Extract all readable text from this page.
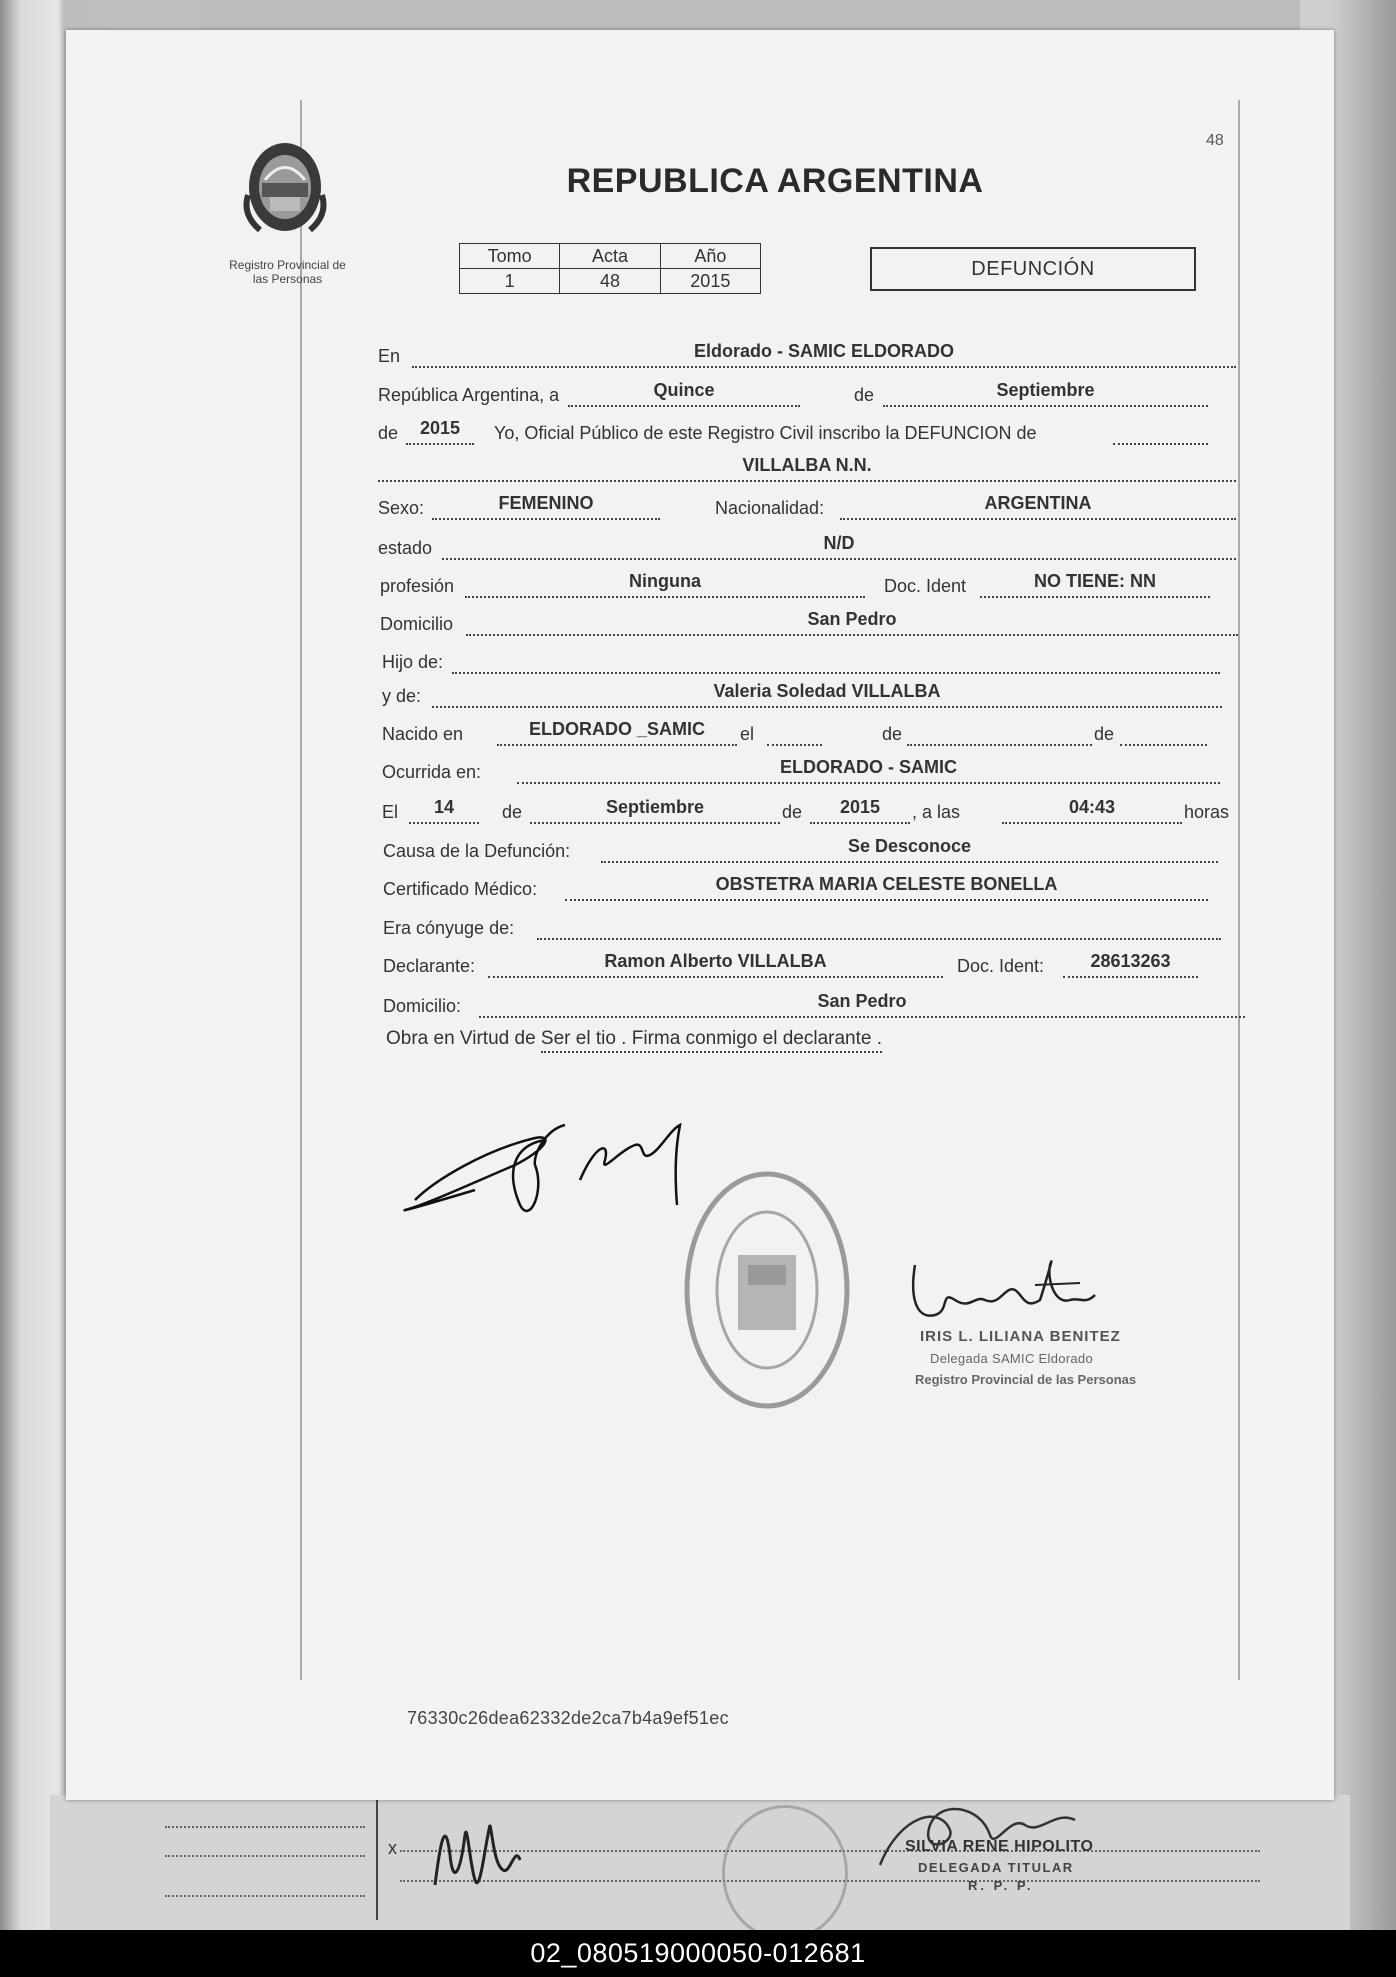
x	SILVIA RENE HIPOLITO
DELEGADA TITULAR
R. P. P.
48
Registro Provincial de
las Personas
REPUBLICA ARGENTINA
Tomo	Acta	Año
1	48	2015
DEFUNCIÓN
En	Eldorado - SAMIC ELDORADO
República Argentina, a	Quince	de	Septiembre
de	2015	Yo, Oficial Público de este Registro Civil inscribo la DEFUNCION de
VILLALBA N.N.
Sexo:	FEMENINO	Nacionalidad:	ARGENTINA
estado	N/D
profesión	Ninguna	Doc. Ident	NO TIENE: NN
Domicilio	San Pedro
Hijo de:
y de:	Valeria Soledad VILLALBA
Nacido en	ELDORADO _SAMIC	el	de	de
Ocurrida en:	ELDORADO - SAMIC
El	14	de	Septiembre	de	2015	, a las	04:43	horas
Causa de la Defunción:	Se Desconoce
Certificado Médico:	OBSTETRA MARIA CELESTE BONELLA
Era cónyuge de:
Declarante:	Ramon Alberto VILLALBA	Doc. Ident:	28613263
Domicilio:	San Pedro
Obra en Virtud de Ser el tio . Firma conmigo el declarante .
IRIS L. LILIANA BENITEZ
Delegada SAMIC Eldorado
Registro Provincial de las Personas
76330c26dea62332de2ca7b4a9ef51ec
02_080519000050-012681
